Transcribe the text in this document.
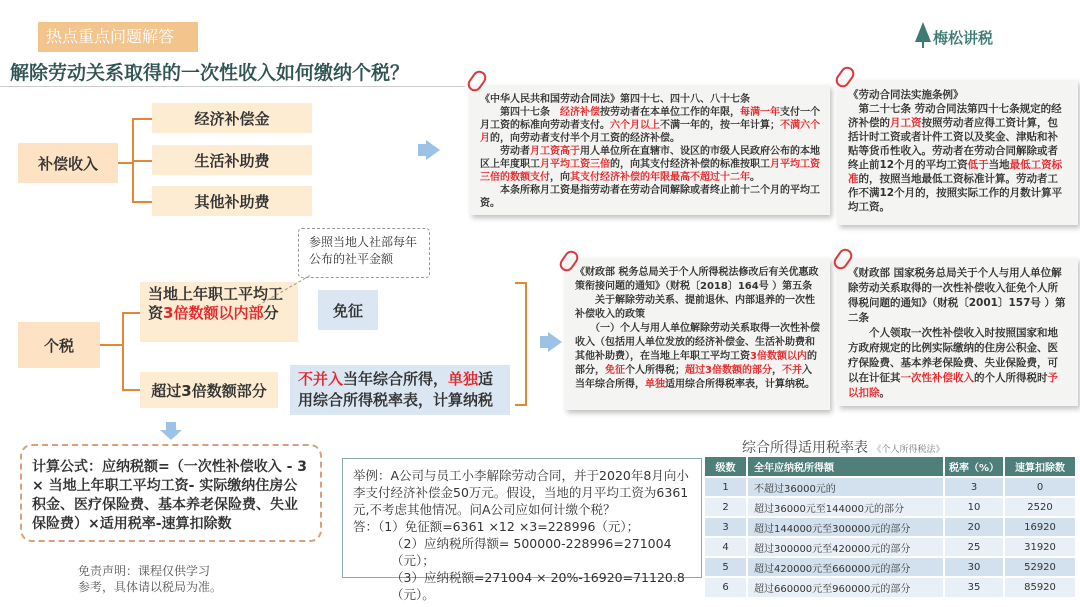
热点重点问题解答
解除劳动关系取得的一次性收入如何缴纳个税？
梅松讲税
补偿收入
经济补偿金
生活补助费
其他补助费

《中华人民共和国劳动合同法》第四十七、四十八、八十七条

　　第四十七条　经济补偿按劳动者在本单位工作的年限，每满一年支付一个月工资的标准向劳动者支付。六个月以上不满一年的，按一年计算；不满六个月的，向劳动者支付半个月工资的经济补偿。

　　劳动者月工资高于用人单位所在直辖市、设区的市级人民政府公布的本地区上年度职工月平均工资三倍的，向其支付经济补偿的标准按职工月平均工资三倍的数额支付，向其支付经济补偿的年限最高不超过十二年。

　　本条所称月工资是指劳动者在劳动合同解除或者终止前十二个月的平均工资。

《劳动合同法实施条例》

　第二十七条 劳动合同法第四十七条规定的经济补偿的月工资按照劳动者应得工资计算，包括计时工资或者计件工资以及奖金、津贴和补贴等货币性收入。劳动者在劳动合同解除或者终止前12个月的平均工资低于当地最低工资标准的，按照当地最低工资标准计算。劳动者工作不满12个月的，按照实际工作的月数计算平均工资。

《财政部 税务总局关于个人所得税法修改后有关优惠政策衔接问题的通知》（财税〔2018〕164号 ）第五条

　　关于解除劳动关系、提前退休、内部退养的一次性补偿收入的政策

　　（一）个人与用人单位解除劳动关系取得一次性补偿收入（包括用人单位发放的经济补偿金、生活补助费和其他补助费），在当地上年职工平均工资3倍数额以内的部分，免征个人所得税；超过3倍数额的部分，不并入当年综合所得，单独适用综合所得税率表，计算纳税。

《财政部 国家税务总局关于个人与用人单位解除劳动关系取得的一次性补偿收入征免个人所得税问题的通知》（财税〔2001〕157号 ）第二条

　　个人领取一次性补偿收入时按照国家和地方政府规定的比例实际缴纳的住房公积金、医疗保险费、基本养老保险费、失业保险费，可以在计征其一次性补偿收入的个人所得税时予以扣除。

个税
当地上年职工平均工资3倍数额以内部分	免征
参照当地人社部每年公布的社平金额
超过3倍数额部分
不并入当年综合所得，单独适用综合所得税率表，计算纳税
计算公式：应纳税额=（一次性补偿收入 - 3 × 当地上年职工平均工资- 实际缴纳住房公积金、医疗保险费、基本养老保险费、失业保险费）×适用税率-速算扣除数
免责声明：课程仅供学习
参考，具体请以税局为准。
举例：A公司与员工小李解除劳动合同，并于2020年8月向小李支付经济补偿金50万元。假设，当地的月平均工资为6361元,不考虑其他情况。问A公司应如何计缴个税？
答：（1）免征额=6361 ×12 ×3=228996（元）；
（2）应纳税所得额= 500000-228996=271004（元）；
（3）应纳税额=271004 × 20%-16920=71120.8（元）。
综合所得适用税率表 《个人所得税法》
级数	全年应纳税所得额	税率（%）	速算扣除数
1	不超过36000元的	3	0
2	超过36000元至144000元的部分	10	2520
3	超过144000元至300000元的部分	20	16920
4	超过300000元至420000元的部分	25	31920
5	超过420000元至660000元的部分	30	52920
6	超过660000元至960000元的部分	35	85920
